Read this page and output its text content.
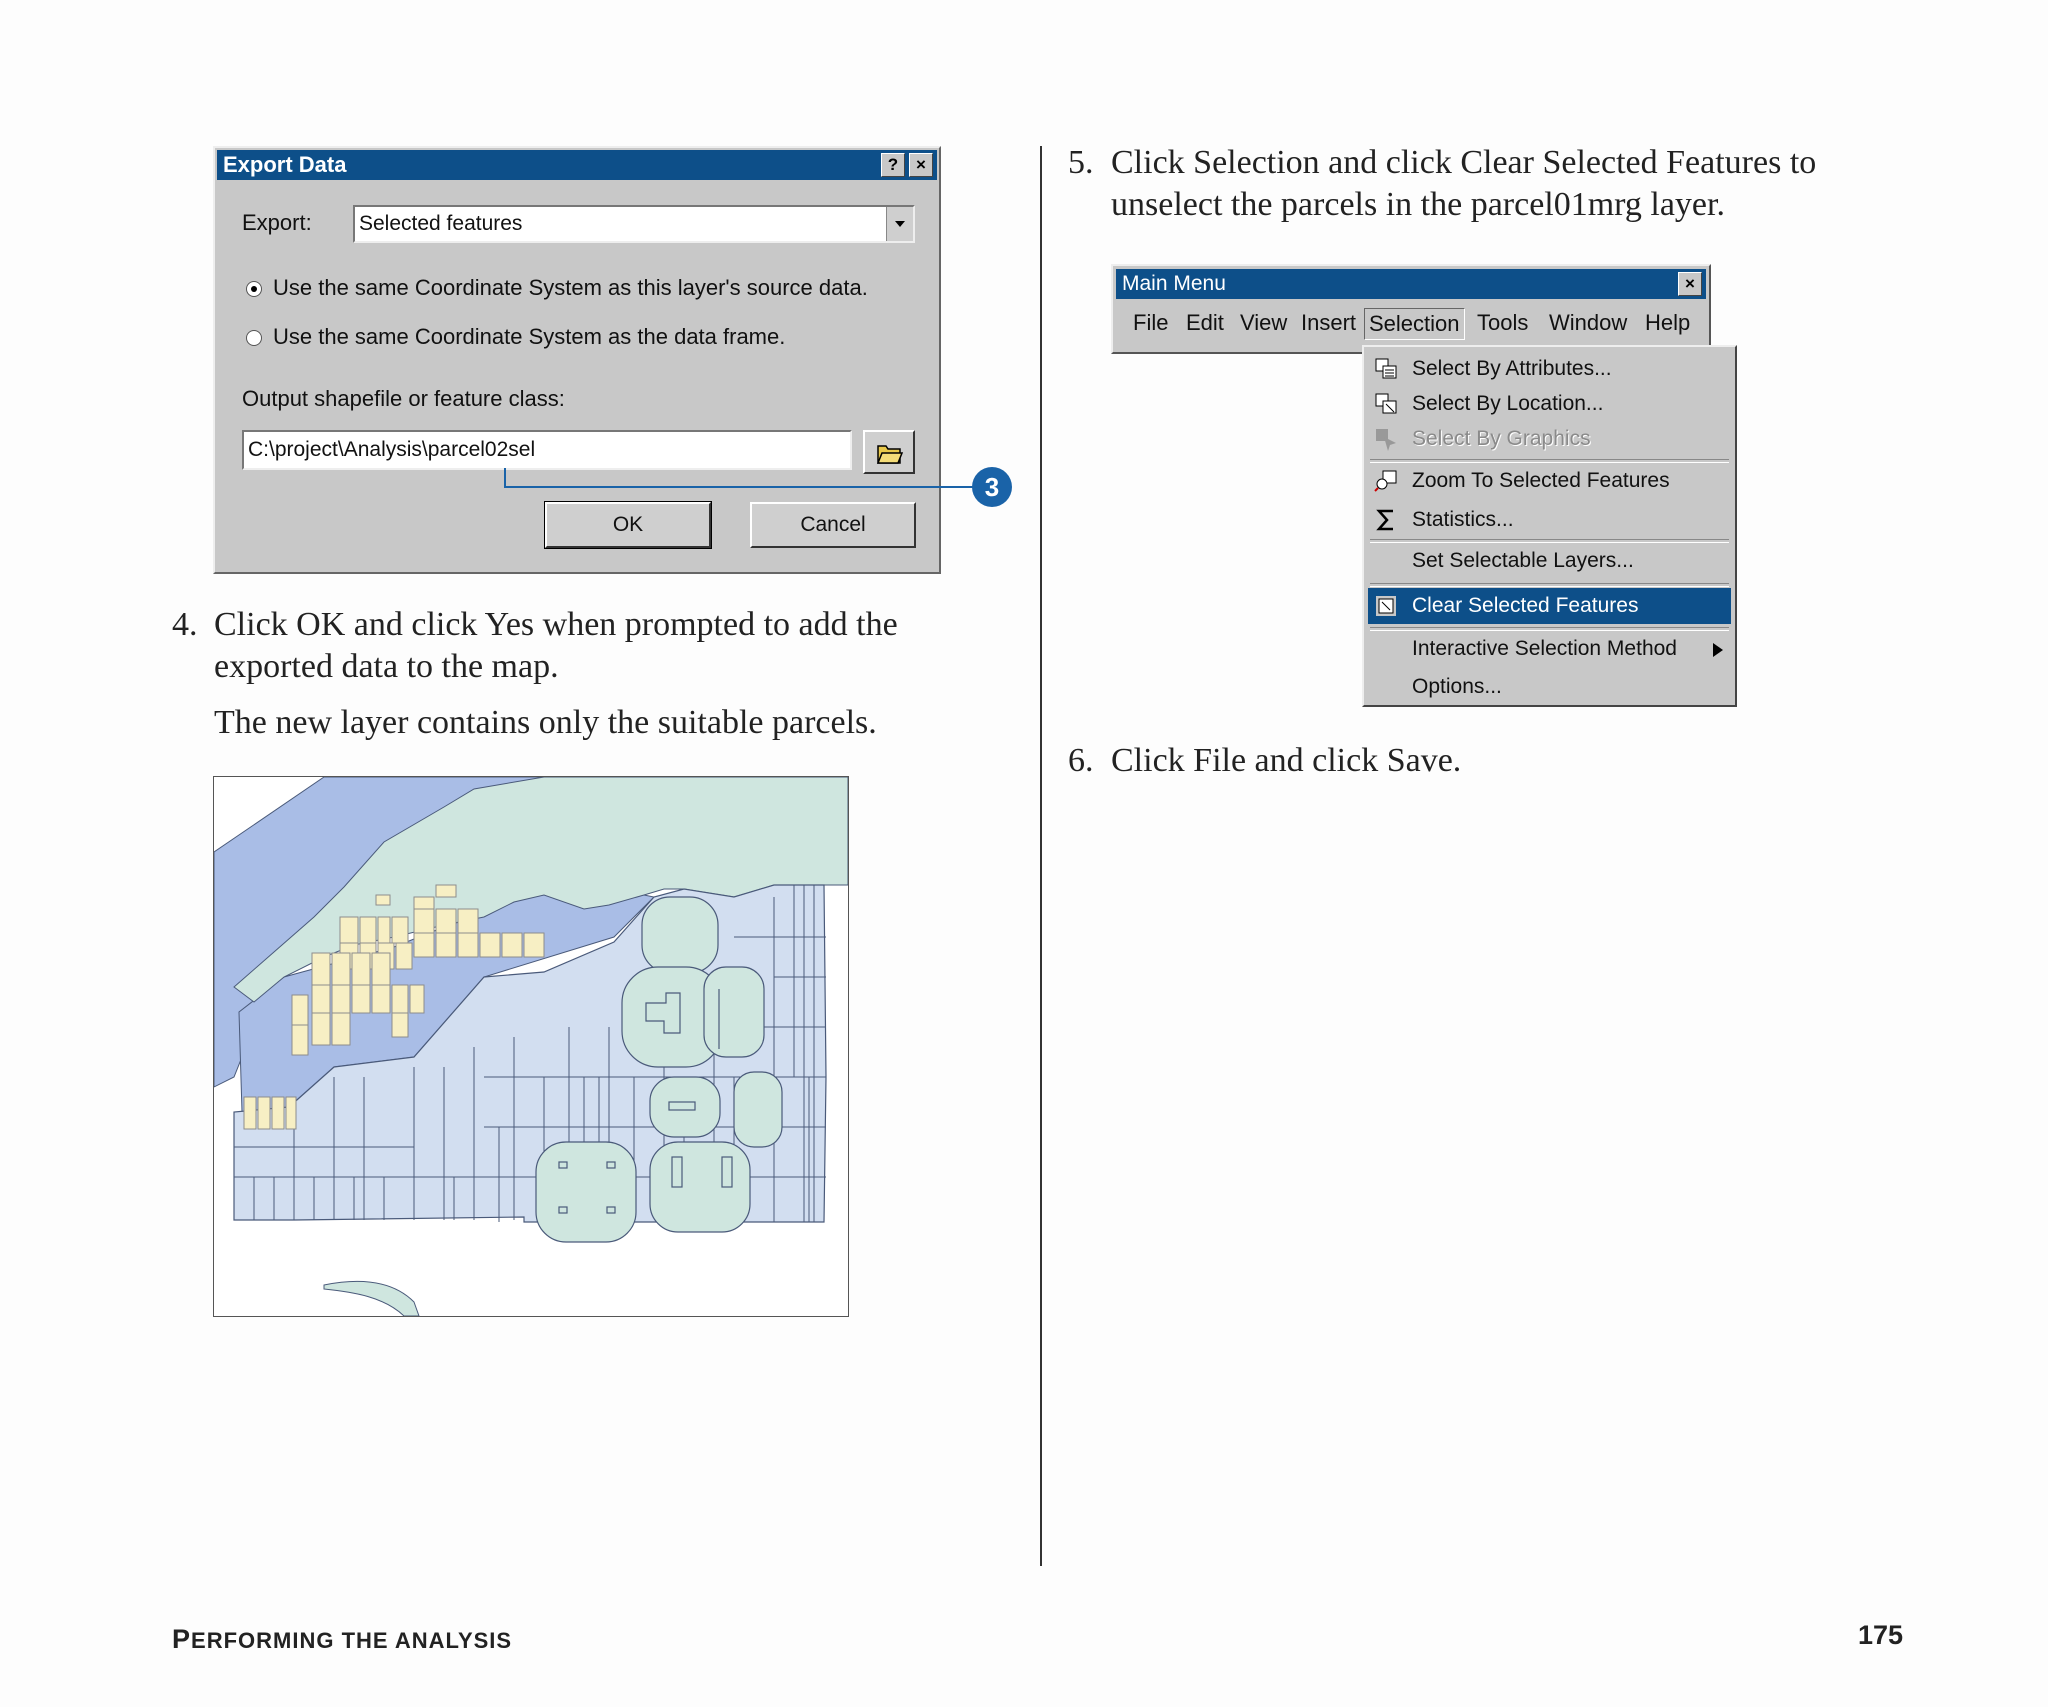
Export Data	?	×
Export: Selected features
Use the same Coordinate System as this layer's source data.
Use the same Coordinate System as the data frame.
Output shapefile or feature class:
C:\project\Analysis\parcel02sel
OK	Cancel
3
4. Click OK and click Yes when prompted to add the
exported data to the map.
The new layer contains only the suitable parcels.
5. Click Selection and click Clear Selected Features to
unselect the parcels in the parcel01mrg layer.
Main Menu	×
File Edit View Insert Selection Tools Window Help
Select By Attributes...
Select By Location...
Select By Graphics
Zoom To Selected Features
Statistics...
Set Selectable Layers...
Clear Selected Features
Interactive Selection Method
Options...
6. Click File and click Save.
PERFORMING THE ANALYSIS	175
